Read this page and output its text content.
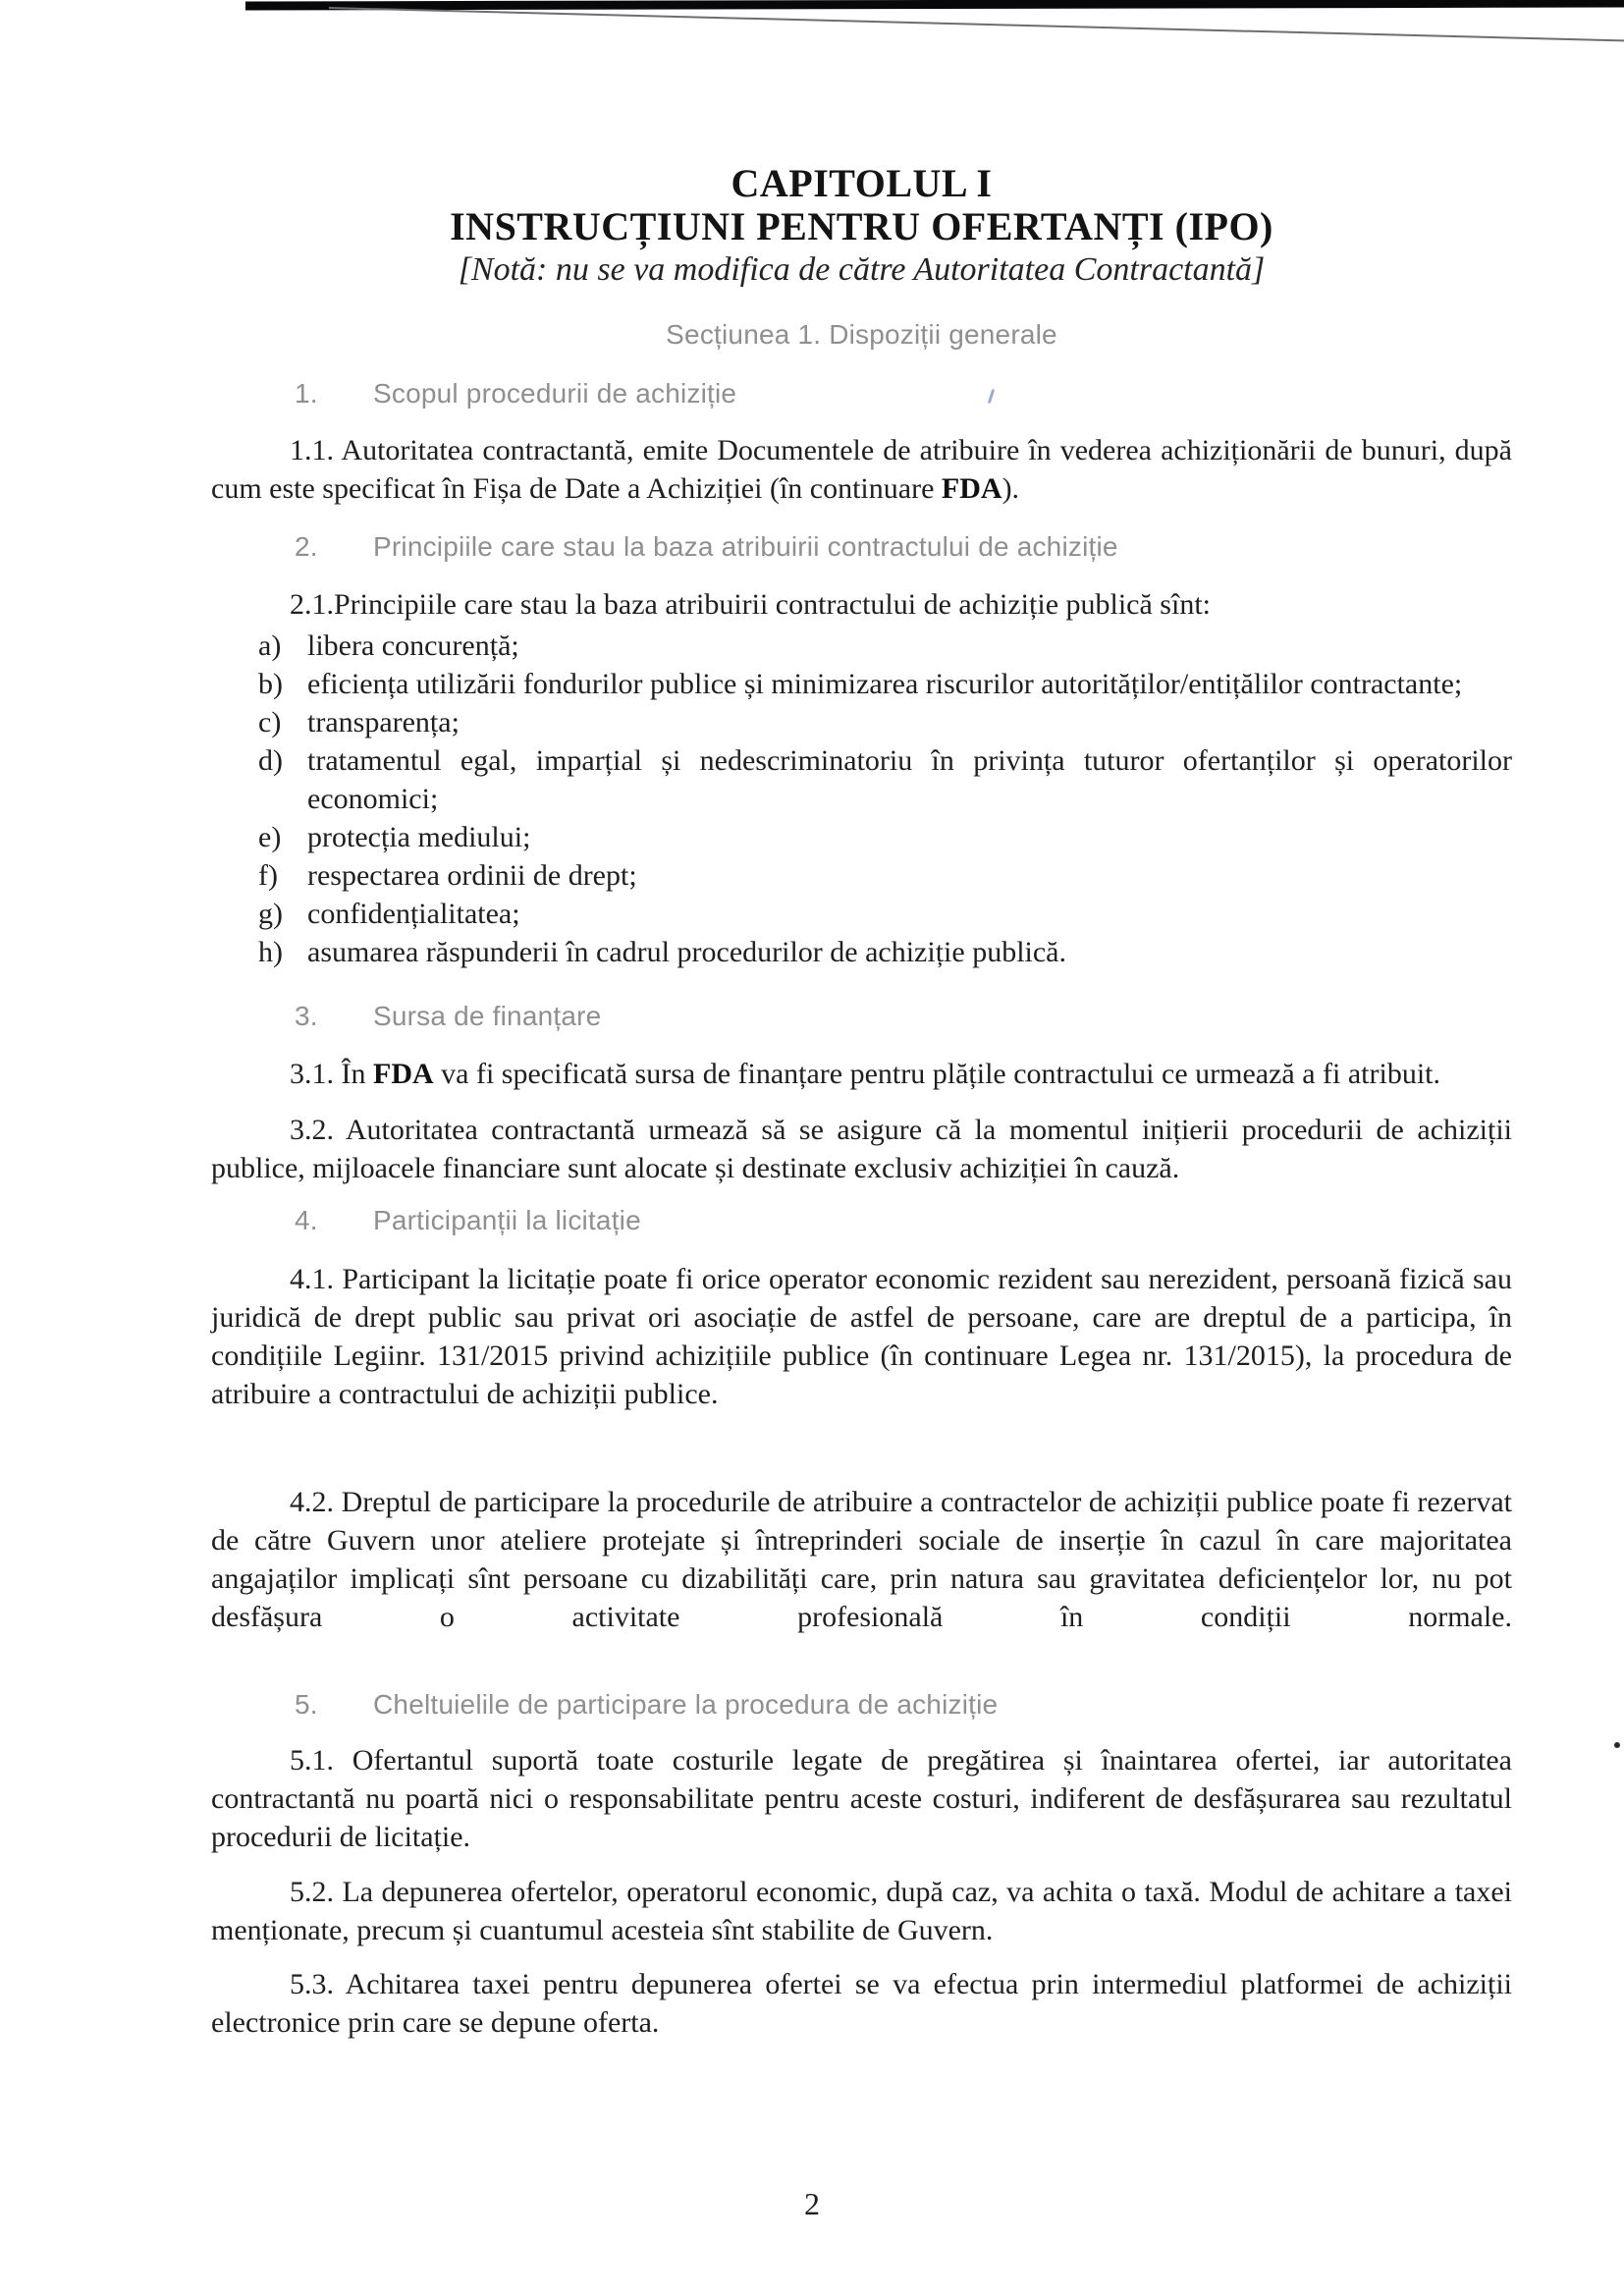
CAPITOLUL I
INSTRUCȚIUNI PENTRU OFERTANȚI (IPO)
[Notă: nu se va modifica de către Autoritatea Contractantă]
Secțiunea 1. Dispoziții generale
1. Scopul procedurii de achiziție

1.1. Autoritatea contractantă, emite Documentele de atribuire în vederea achiziționării de bunuri, după cum este specificat în Fișa de Date a Achiziției (în continuare FDA).

2. Principiile care stau la baza atribuirii contractului de achiziție

2.1.Principiile care stau la baza atribuirii contractului de achiziție publică sînt:

a) libera concurență;
b) eficiența utilizării fondurilor publice și minimizarea riscurilor autorităților/entițălilor contractante;
c) transparența;
d) tratamentul egal, imparțial și nedescriminatoriu în privința tuturor ofertanților și operatorilor economici;
e) protecția mediului;
f) respectarea ordinii de drept;
g) confidențialitatea;
h) asumarea răspunderii în cadrul procedurilor de achiziție publică.
3. Sursa de finanțare

3.1. În FDA va fi specificată sursa de finanțare pentru plățile contractului ce urmează a fi atribuit.

3.2. Autoritatea contractantă urmează să se asigure că la momentul inițierii procedurii de achiziții publice, mijloacele financiare sunt alocate și destinate exclusiv achiziției în cauză.

4. Participanții la licitație

4.1. Participant la licitație poate fi orice operator economic rezident sau nerezident, persoană fizică sau juridică de drept public sau privat ori asociație de astfel de persoane, care are dreptul de a participa, în condițiile Legiinr. 131/2015 privind achizițiile publice (în continuare Legea nr. 131/2015), la procedura de atribuire a contractului de achiziții publice.

4.2. Dreptul de participare la procedurile de atribuire a contractelor de achiziții publice poate fi rezervat de către Guvern unor ateliere protejate și întreprinderi sociale de inserție în cazul în care majoritatea angajaților implicați sînt persoane cu dizabilități care, prin natura sau gravitatea deficiențelor lor, nu pot desfășura o activitate profesională în condiții normale.

5. Cheltuielile de participare la procedura de achiziție

5.1. Ofertantul suportă toate costurile legate de pregătirea și înaintarea ofertei, iar autoritatea contractantă nu poartă nici o responsabilitate pentru aceste costuri, indiferent de desfășurarea sau rezultatul procedurii de licitație.

5.2. La depunerea ofertelor, operatorul economic, după caz, va achita o taxă. Modul de achitare a taxei menționate, precum și cuantumul acesteia sînt stabilite de Guvern.

5.3. Achitarea taxei pentru depunerea ofertei se va efectua prin intermediul platformei de achiziții electronice prin care se depune oferta.

2
